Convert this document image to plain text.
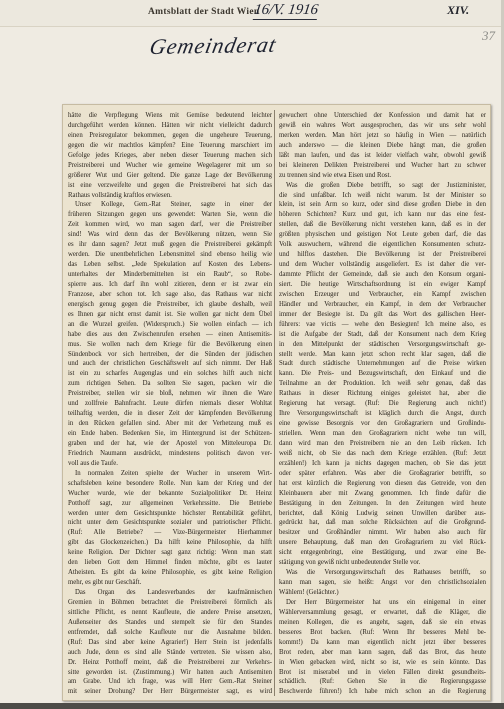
Amtsblatt der Stadt Wien
16/V. 1916	XIV.
37
Gemeinderat
hätte die Verpflegung Wiens mit Gemüse bedeutend leichter
durchgeführt werden können. Hätten wir nicht vielleicht dadurch
einen Preisregulator bekommen, gegen die ungeheure Teuerung,
gegen die wir machtlos kämpfen? Eine Teuerung marschiert im
Gefolge jedes Krieges, aber neben dieser Teuerung machen sich
Preistreiberei und Wucher wie gemeine Wegelagerer mit um so
größerer Wut und Gier geltend. Die ganze Lage der Bevölkerung
ist eine verzweifelte und gegen die Preistreiberei hat sich das
Rathaus vollständig kraftlos erwiesen.
Unser Kollege, Gem.-Rat Steiner, sagte in einer der
früheren Sitzungen gegen uns gewendet: Warten Sie, wenn die
Zeit kommen wird, wo man sagen darf, wer die Preistreiber
sind! Was wird denn das der Bevölkerung nützen, wenn Sie
es ihr dann sagen? Jetzt muß gegen die Preistreiberei gekämpft
werden. Die unentbehrlichen Lebensmittel sind ebenso heilig wie
das Leben selbst. „Jede Spekulation auf Kosten des Lebens-
unterhaltes der Minderbemittelten ist ein Raub“, so Robe-
spierre aus. Ich darf ihn wohl zitieren, denn er ist zwar ein
Franzose, aber schon tot. Ich sage also, das Rathaus war nicht
energisch genug gegen die Preistreiber, ich glaube deshalb, weil
es Ihnen gar nicht ernst damit ist. Sie wollen gar nicht dem Übel
an die Wurzel greifen. (Widerspruch.) Sie wollen einfach — ich
habe dies aus den Zwischenrufen ersehen — einen Antisemitis-
mus. Sie wollen nach dem Kriege für die Bevölkerung einen
Sündenbock vor sich hertreiben, der die Sünden der jüdischen
und auch der christlichen Geschäftswelt auf sich nimmt. Der Haß
ist ein zu scharfes Augenglas und ein solches hilft auch nicht
zum richtigen Sehen. Da sollten Sie sagen, packen wir die
Preistreiber, stellen wir sie bloß, nehmen wir ihnen die Ware
und zollfreie Bahnfracht. Leute dürfen niemals dieser Wohltat
teilhaftig werden, die in dieser Zeit der kämpfenden Bevölkerung
in den Rücken gefallen sind. Aber mit der Verhetzung muß es
ein Ende haben. Bedenken Sie, im Hintergrund ist der Schützen-
graben und der hat, wie der Apostel von Mitteleuropa Dr.
Friedrich Naumann ausdrückt, mindestens politisch davon ver-
voll aus die Taufe.
In normalen Zeiten spielte der Wucher in unserem Wirt-
schaftsleben keine besondere Rolle. Nun kam der Krieg und der
Wucher wurde, wie der bekannte Sozialpolitiker Dr. Heinz
Potthoff sagt, zur allgemeinen Verkehrssitte. Die Betriebe
werden unter dem Gesichtspunkte höchster Rentabilität geführt,
nicht unter dem Gesichtspunkte sozialer und patriotischer Pflicht.
(Ruf: Alle Betriebe? — Vize-Bürgermeister Hierhammer
gibt das Glockenzeichen.) Da hilft keine Philosophie, da hilft
keine Religion. Der Dichter sagt ganz richtig: Wenn man statt
den lieben Gott dem Himmel finden möchte, gibt es lauter
Atheisten. Es gibt da keine Philosophie, es gibt keine Religion
mehr, es gibt nur Geschäft.
Das Organ des Landesverbandes der kaufmännischen
Gremien in Böhmen betrachtet die Preistreiberei förmlich als
sittliche Pflicht, es nennt Kaufleute, die andere Preise ansetzen,
Außenseiter des Standes und stempelt sie für den Standes
entfremdet, daß solche Kaufleute nur die Ausnahme bilden.
(Ruf: Das sind aber keine Agrarier!) Herr Stein ist jedenfalls
auch Jude, denn es sind alle Stände vertreten. Sie wissen also,
Dr. Heinz Potthoff meint, daß die Preistreiberei zur Verkehrs-
sitte geworden ist. (Zustimmung.) Wir hatten auch Antisemiten
am Grabe. Und ich frage, was will Herr Gem.-Rat Steiner
mit seiner Drohung? Der Herr Bürgermeister sagt, es wird
gewuchert ohne Unterschied der Konfession und damit hat er
gewiß ein wahres Wort ausgesprochen, das wir uns sehr wohl
merken werden. Man hört jetzt so häufig in Wien — natürlich
auch anderswo — die kleinen Diebe hängt man, die großen
läßt man laufen, und das ist leider vielfach wahr, obwohl gewiß
bei kleineren Delikten Preistreiberei und Wucher hart zu schwer
zu trennen sind wie etwa Eisen und Rost.
Was die großen Diebe betrifft, so sagt der Justizminister,
die sind unfaßbar. Ich weiß nicht warum. Ist der Minister so
klein, ist sein Arm so kurz, oder sind diese großen Diebe in den
höheren Schichten? Kurz und gut, ich kann nur das eine fest-
stellen, daß die Bevölkerung nicht verstehen kann, daß es in der
größten physischen und geistigen Not Leute geben darf, die das
Volk auswuchern, während die eigentlichen Konsumenten schutz-
und hilflos dastehen. Die Bevölkerung ist der Preistreiberei
und dem Wucher vollständig ausgeliefert. Es ist daher die ver-
dammte Pflicht der Gemeinde, daß sie auch den Konsum organi-
siert. Die heutige Wirtschaftsordnung ist ein ewiger Kampf
zwischen Erzeuger und Verbraucher, ein Kampf zwischen
Händler und Verbraucher, ein Kampf, in dem der Verbraucher
immer der Besiegte ist. Da gilt das Wort des gallischen Heer-
führers: vae victis — wehe den Besiegten! Ich meine also, es
ist die Aufgabe der Stadt, daß der Konsument nach dem Krieg
in den Mittelpunkt der städtischen Versorgungswirtschaft ge-
stellt werde. Man kann jetzt schon recht klar sagen, daß die
Stadt durch städtische Unternehmungen auf die Preise wirken
kann. Die Preis- und Bezugswirtschaft, den Einkauf und die
Teilnahme an der Produktion. Ich weiß sehr genau, daß das
Rathaus in dieser Richtung einiges geleistet hat, aber die
Regierung hat versagt. (Ruf: Die Regierung auch nicht!)
Ihre Versorgungswirtschaft ist kläglich durch die Angst, durch
eine gewisse Besorgnis vor den Großagrariern und Großindu-
striellen. Wenn man den Großagrariern nicht wehe tun will,
dann wird man den Preistreibern nie an den Leib rücken. Ich
weiß nicht, ob Sie das nach dem Kriege erzählen. (Ruf: Jetzt
erzählen!) Ich kann ja nichts dagegen machen, ob Sie das jetzt
oder später erfahren. Was aber die Großagrarier betrifft, so
hat erst kürzlich die Regierung von diesen das Getreide, von den
Kleinbauern aber mit Zwang genommen. Ich finde dafür die
Bestätigung in den Zeitungen. In den Zeitungen wird heute
berichtet, daß König Ludwig seinen Unwillen darüber aus-
gedrückt hat, daß man solche Rücksichten auf die Großgrund-
besitzer und Großhändler nimmt. Wir haben also auch für
unsere Behauptung, daß man den Großagrariern zu viel Rück-
sicht entgegenbringt, eine Bestätigung, und zwar eine Be-
stätigung von gewiß nicht unbedeutender Stelle vor.
Was die Versorgungswirtschaft des Rathauses betrifft, so
kann man sagen, sie heißt: Angst vor den christlichsozialen
Wählern! (Gelächter.)
Der Herr Bürgermeister hat uns ein einigemal in einer
Wählerversammlung gesagt, er erwartet, daß die Kläger, die
meinen Kollegen, die es angeht, sagen, daß sie ein etwas
besseres Brot backen. (Ruf: Wenn Ihr besseres Mehl be-
kommt!) Da kann man eigentlich nicht jetzt über besseres
Brot reden, aber man kann sagen, daß das Brot, das heute
in Wien gebacken wird, nicht so ist, wie es sein könnte. Das
Brot ist miserabel und in vielen Fällen direkt gesundheits-
schädlich. (Ruf: Gehen Sie in die Regierungsgasse
Beschwerde führen!) Ich habe mich schon an die Regierung
